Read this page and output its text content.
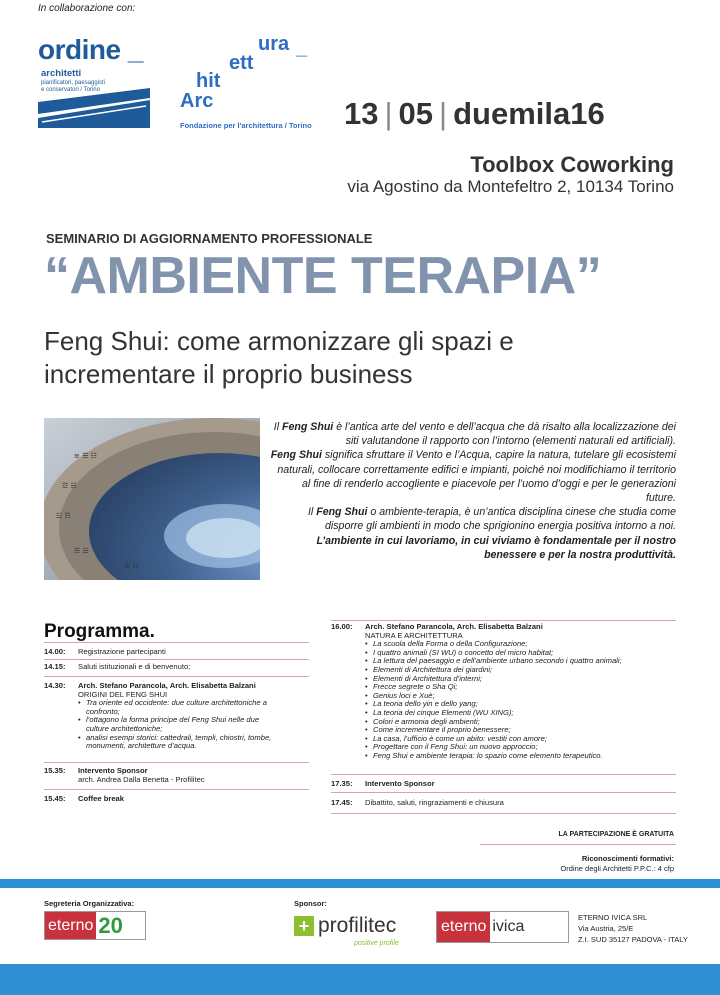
In collaborazione con:
ordine _
architetti
pianificatori, paesaggisti
e conservatori / Torino
ura _
ett
hit
Arc
Fondazione per l'architettura / Torino 13 | 05 | duemila16
Toolbox Coworking
via Agostino da Montefeltro 2, 10134 Torino
SEMINARIO DI AGGIORNAMENTO PROFESSIONALE
“AMBIENTE TERAPIA”
Feng Shui: come armonizzare gli spazi e
incrementare il proprio business
≡ ☰ ☷
☲ ☵
☳ ☶
☴ ☱
☰ ☷

Il Feng Shui è l’antica arte del vento e dell’acqua che dà risalto alla localizzazione dei siti valutandone il rapporto con l’intorno (elementi naturali ed artificiali).

Feng Shui significa sfruttare il Vento e l’Acqua, capire la natura, tutelare gli ecosistemi naturali, collocare correttamente edifici e impianti, poiché noi modifichiamo il territorio al fine di renderlo accogliente e piacevole per l’uomo d’oggi e per le generazioni future.

Il Feng Shui o ambiente-terapia, è un’antica disciplina cinese che studia come disporre gli ambienti in modo che sprigionino energia positiva intorno a noi.

L’ambiente in cui lavoriamo, in cui viviamo è fondamentale per il nostro benessere e per la nostra produttività.

Programma.
14.00: Registrazione partecipanti
14.15: Saluti istituzionali e di benvenuto;
14.30: Arch. Stefano Parancola, Arch. Elisabetta Balzani
ORIGINI DEL FENG SHUI
• Tra oriente ed occidente: due culture architettoniche a confronto;
• l’ottagono la forma principe del Feng Shui nelle due culture architettoniche;
• analisi esempi storici: cattedrali, templi, chiostri, tombe, monumenti, architetture d’acqua.
15.35: Intervento Sponsor
arch. Andrea Dalla Benetta - Profilitec
15.45: Coffee break
16.00: Arch. Stefano Parancola, Arch. Elisabetta Balzani
NATURA E ARCHITETTURA
• La scuola della Forma o della Configurazione;
• I quattro animali (SI WU) o concetto del micro habitat;
• La lettura del paesaggio e dell’ambiente urbano secondo i quattro animali;
• Elementi di Architettura dei giardini;
• Elementi di Architettura d’interni;
• Frecce segrete o Sha Qi;
• Genius loci e Xuè;
• La teoria dello yin e dello yang;
• La teoria dei cinque Elementi (WU XING);
• Colori e armonia degli ambienti;
• Come incrementare il proprio benessere;
• La casa, l’ufficio è come un abito: vestiti con amore;
• Progettare con il Feng Shui: un nuovo approccio;
• Feng Shui e ambiente terapia: lo spazio come elemento terapeutico.
17.35: Intervento Sponsor
17.45: Dibattito, saluti, ringraziamenti e chiusura
LA PARTECIPAZIONE È GRATUITA
Riconoscimenti formativi:
Ordine degli Architetti P.P.C.: 4 cfp
Segreteria Organizzativa:
eterno 20
Sponsor:
+ profilitec
positive profile
eterno ivica
ETERNO IVICA SRL
Via Austria, 25/E
Z.I. SUD 35127 PADOVA - ITALY
